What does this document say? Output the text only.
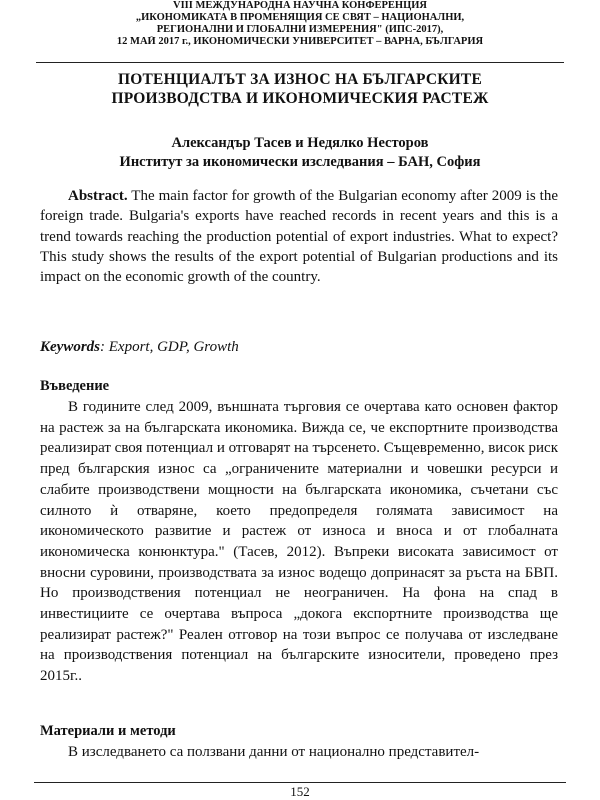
VIII МЕЖДУНАРОДНА НАУЧНА КОНФЕРЕНЦИЯ
„ИКОНОМИКАТА В ПРОМЕНЯЩИЯ СЕ СВЯТ – НАЦИОНАЛНИ,
РЕГИОНАЛНИ И ГЛОБАЛНИ ИЗМЕРЕНИЯ" (ИПС-2017),
12 МАЙ 2017 г., ИКОНОМИЧЕСКИ УНИВЕРСИТЕТ – ВАРНА, БЪЛГАРИЯ
ПОТЕНЦИАЛЪТ ЗА ИЗНОС НА БЪЛГАРСКИТЕ
ПРОИЗВОДСТВА И ИКОНОМИЧЕСКИЯ РАСТЕЖ
Александър Тасев и Недялко Несторов
Институт за икономически изследвания – БАН, София
Abstract. The main factor for growth of the Bulgarian economy after 2009 is the foreign trade. Bulgaria's exports have reached records in recent years and this is a trend towards reaching the production potential of export industries. What to expect? This study shows the results of the export potential of Bulgarian productions and its impact on the economic growth of the country.
Keywords: Export, GDP, Growth
Въведение
В годините след 2009, външната търговия се очертава като основен фактор на растеж за на българската икономика. Вижда се, че експортните производства реализират своя потенциал и отговарят на търсенето. Същевременно, висок риск пред българския износ са „ограничените материални и човешки ресурси и слабите производствени мощности на българската икономика, съчетани със силното ѝ отваряне, което предопределя голямата зависимост на икономическото развитие и растеж от износа и вноса и от глобалната икономическа конюнктура." (Тасев, 2012). Въпреки високата зависимост от вносни суровини, производствата за износ водещо допринасят за ръста на БВП. Но производствения потенциал не неограничен. На фона на спад в инвестициите се очертава въпроса „докога експортните производства ще реализират растеж?" Реален отговор на този въпрос се получава от изследване на производствения потенциал на българските износители, проведено през 2015г..
Материали и методи
В изследването са ползвани данни от национално представител-
152
